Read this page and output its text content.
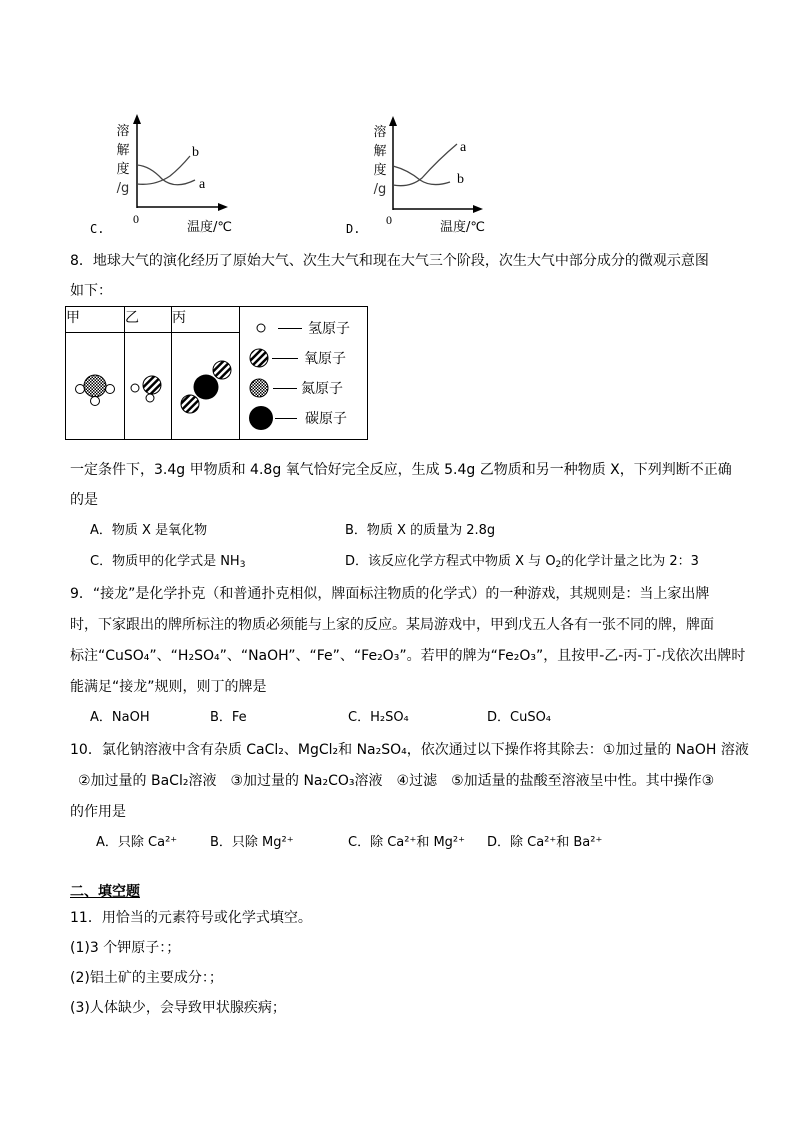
溶
解
度
/g
b
a
0
温度/℃
C.
溶
解
度
/g
a
b
0	温度/℃
D.
8．地球大气的演化经历了原始大气、次生大气和现在大气三个阶段，次生大气中部分成分的微观示意图
如下：
甲	乙	丙	氢原子
氧原子
氮原子
碳原子

一定条件下，3.4g 甲物质和 4.8g 氧气恰好完全反应，生成 5.4g 乙物质和另一种物质 X，下列判断不正确
的是
A．物质 X 是氧化物	B．物质 X 的质量为 2.8g
C．物质甲的化学式是 $NH_3$	D．该反应化学方程式中物质 X 与 $O_2$的化学计量之比为 2：3
9．“接龙”是化学扑克（和普通扑克相似，牌面标注物质的化学式）的一种游戏，其规则是：当上家出牌
时，下家跟出的牌所标注的物质必须能与上家的反应。某局游戏中，甲到戊五人各有一张不同的牌，牌面
标注“CuSO₄”、“H₂SO₄”、“NaOH”、“Fe”、“Fe₂O₃”。若甲的牌为“Fe₂O₃”，且按甲-乙-丙-丁-戊依次出牌时
能满足“接龙”规则，则丁的牌是
A．NaOH	B．Fe	C．H₂SO₄	D．CuSO₄
10．氯化钠溶液中含有杂质 CaCl₂、MgCl₂和 Na₂SO₄，依次通过以下操作将其除去：①加过量的 NaOH 溶液
②加过量的 BaCl₂溶液　③加过量的 Na₂CO₃溶液　④过滤　⑤加适量的盐酸至溶液呈中性。其中操作③
的作用是
A．只除 Ca²⁺	B．只除 Mg²⁺	C．除 Ca²⁺和 Mg²⁺ D．除 Ca²⁺和 Ba²⁺
二、填空题
11．用恰当的元素符号或化学式填空。
(1)3 个钾原子：；
(2)铝土矿的主要成分：；
(3)人体缺少，会导致甲状腺疾病；
